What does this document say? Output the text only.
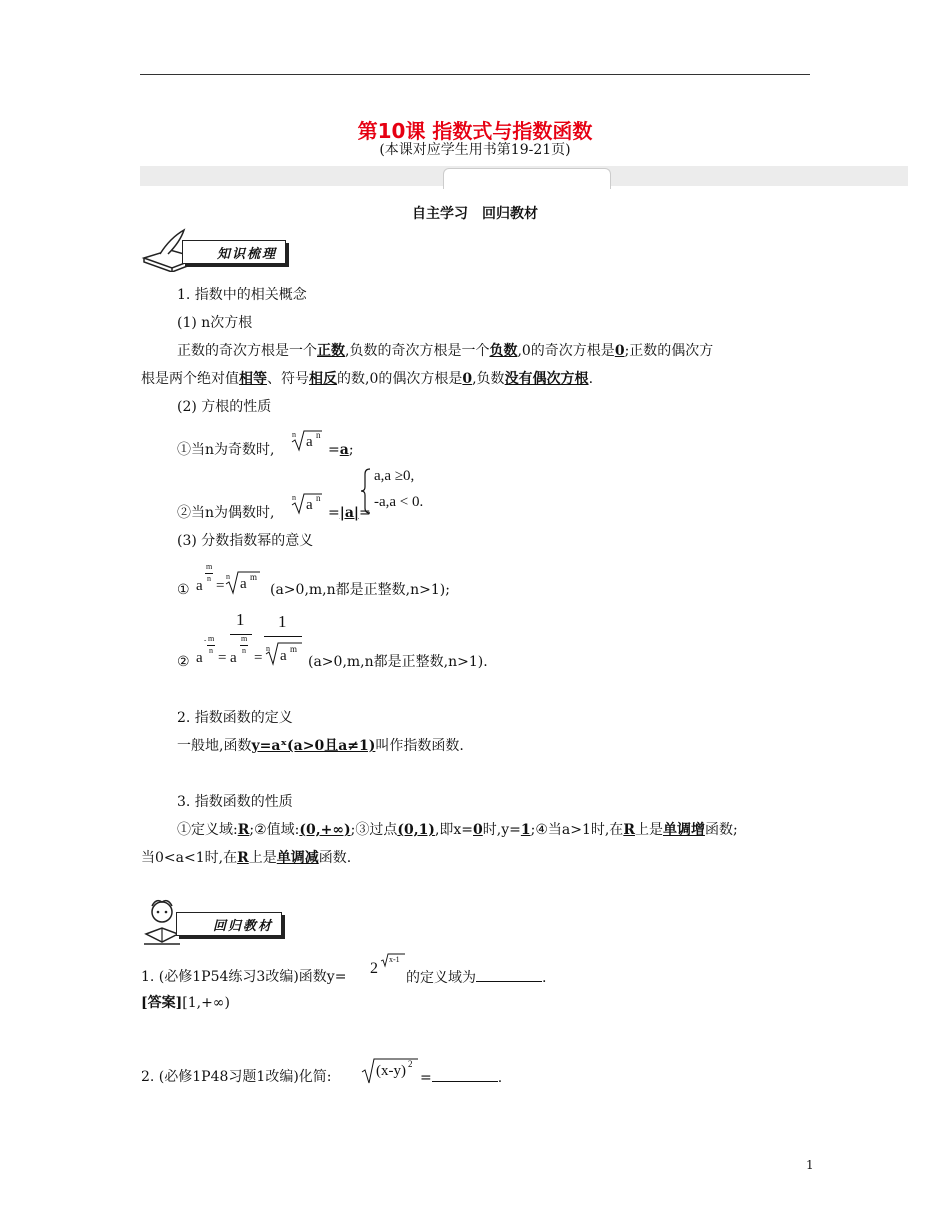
第10课 指数式与指数函数
(本课对应学生用书第19-21页)
自主学习　回归教材
知识梳理
1. 指数中的相关概念
(1) n次方根
正数的奇次方根是一个正数,负数的奇次方根是一个负数,0的奇次方根是0;正数的偶次方
根是两个绝对值相等、符号相反的数,0的偶次方根是0,负数没有偶次方根.
(2) 方根的性质
①当n为奇数时,
n a n
=a;
a,a ≥0,
-a,a < 0.
②当n为偶数时,
n a n
=|a|=
(3) 分数指数幂的意义
① a
m
n =
n a m
(a>0,m,n都是正整数,n>1);
② a
- m
n =
1
a
m
n =
1
n a m
(a>0,m,n都是正整数,n>1).
2. 指数函数的定义
一般地,函数y=aˣ(a>0且a≠1)叫作指数函数.
3. 指数函数的性质
①定义域:R;②值域:(0,+∞);③过点(0,1),即x=0时,y=1;④当a>1时,在R上是单调增函数;
当0<a<1时,在R上是单调减函数.
回归教材
1. (必修1P54练习3改编)函数y= 2
x-1
的定义域为	.
[答案][1,+∞)
2. (必修1P48习题1改编)化简:	(x-y) 2
=	.
1
